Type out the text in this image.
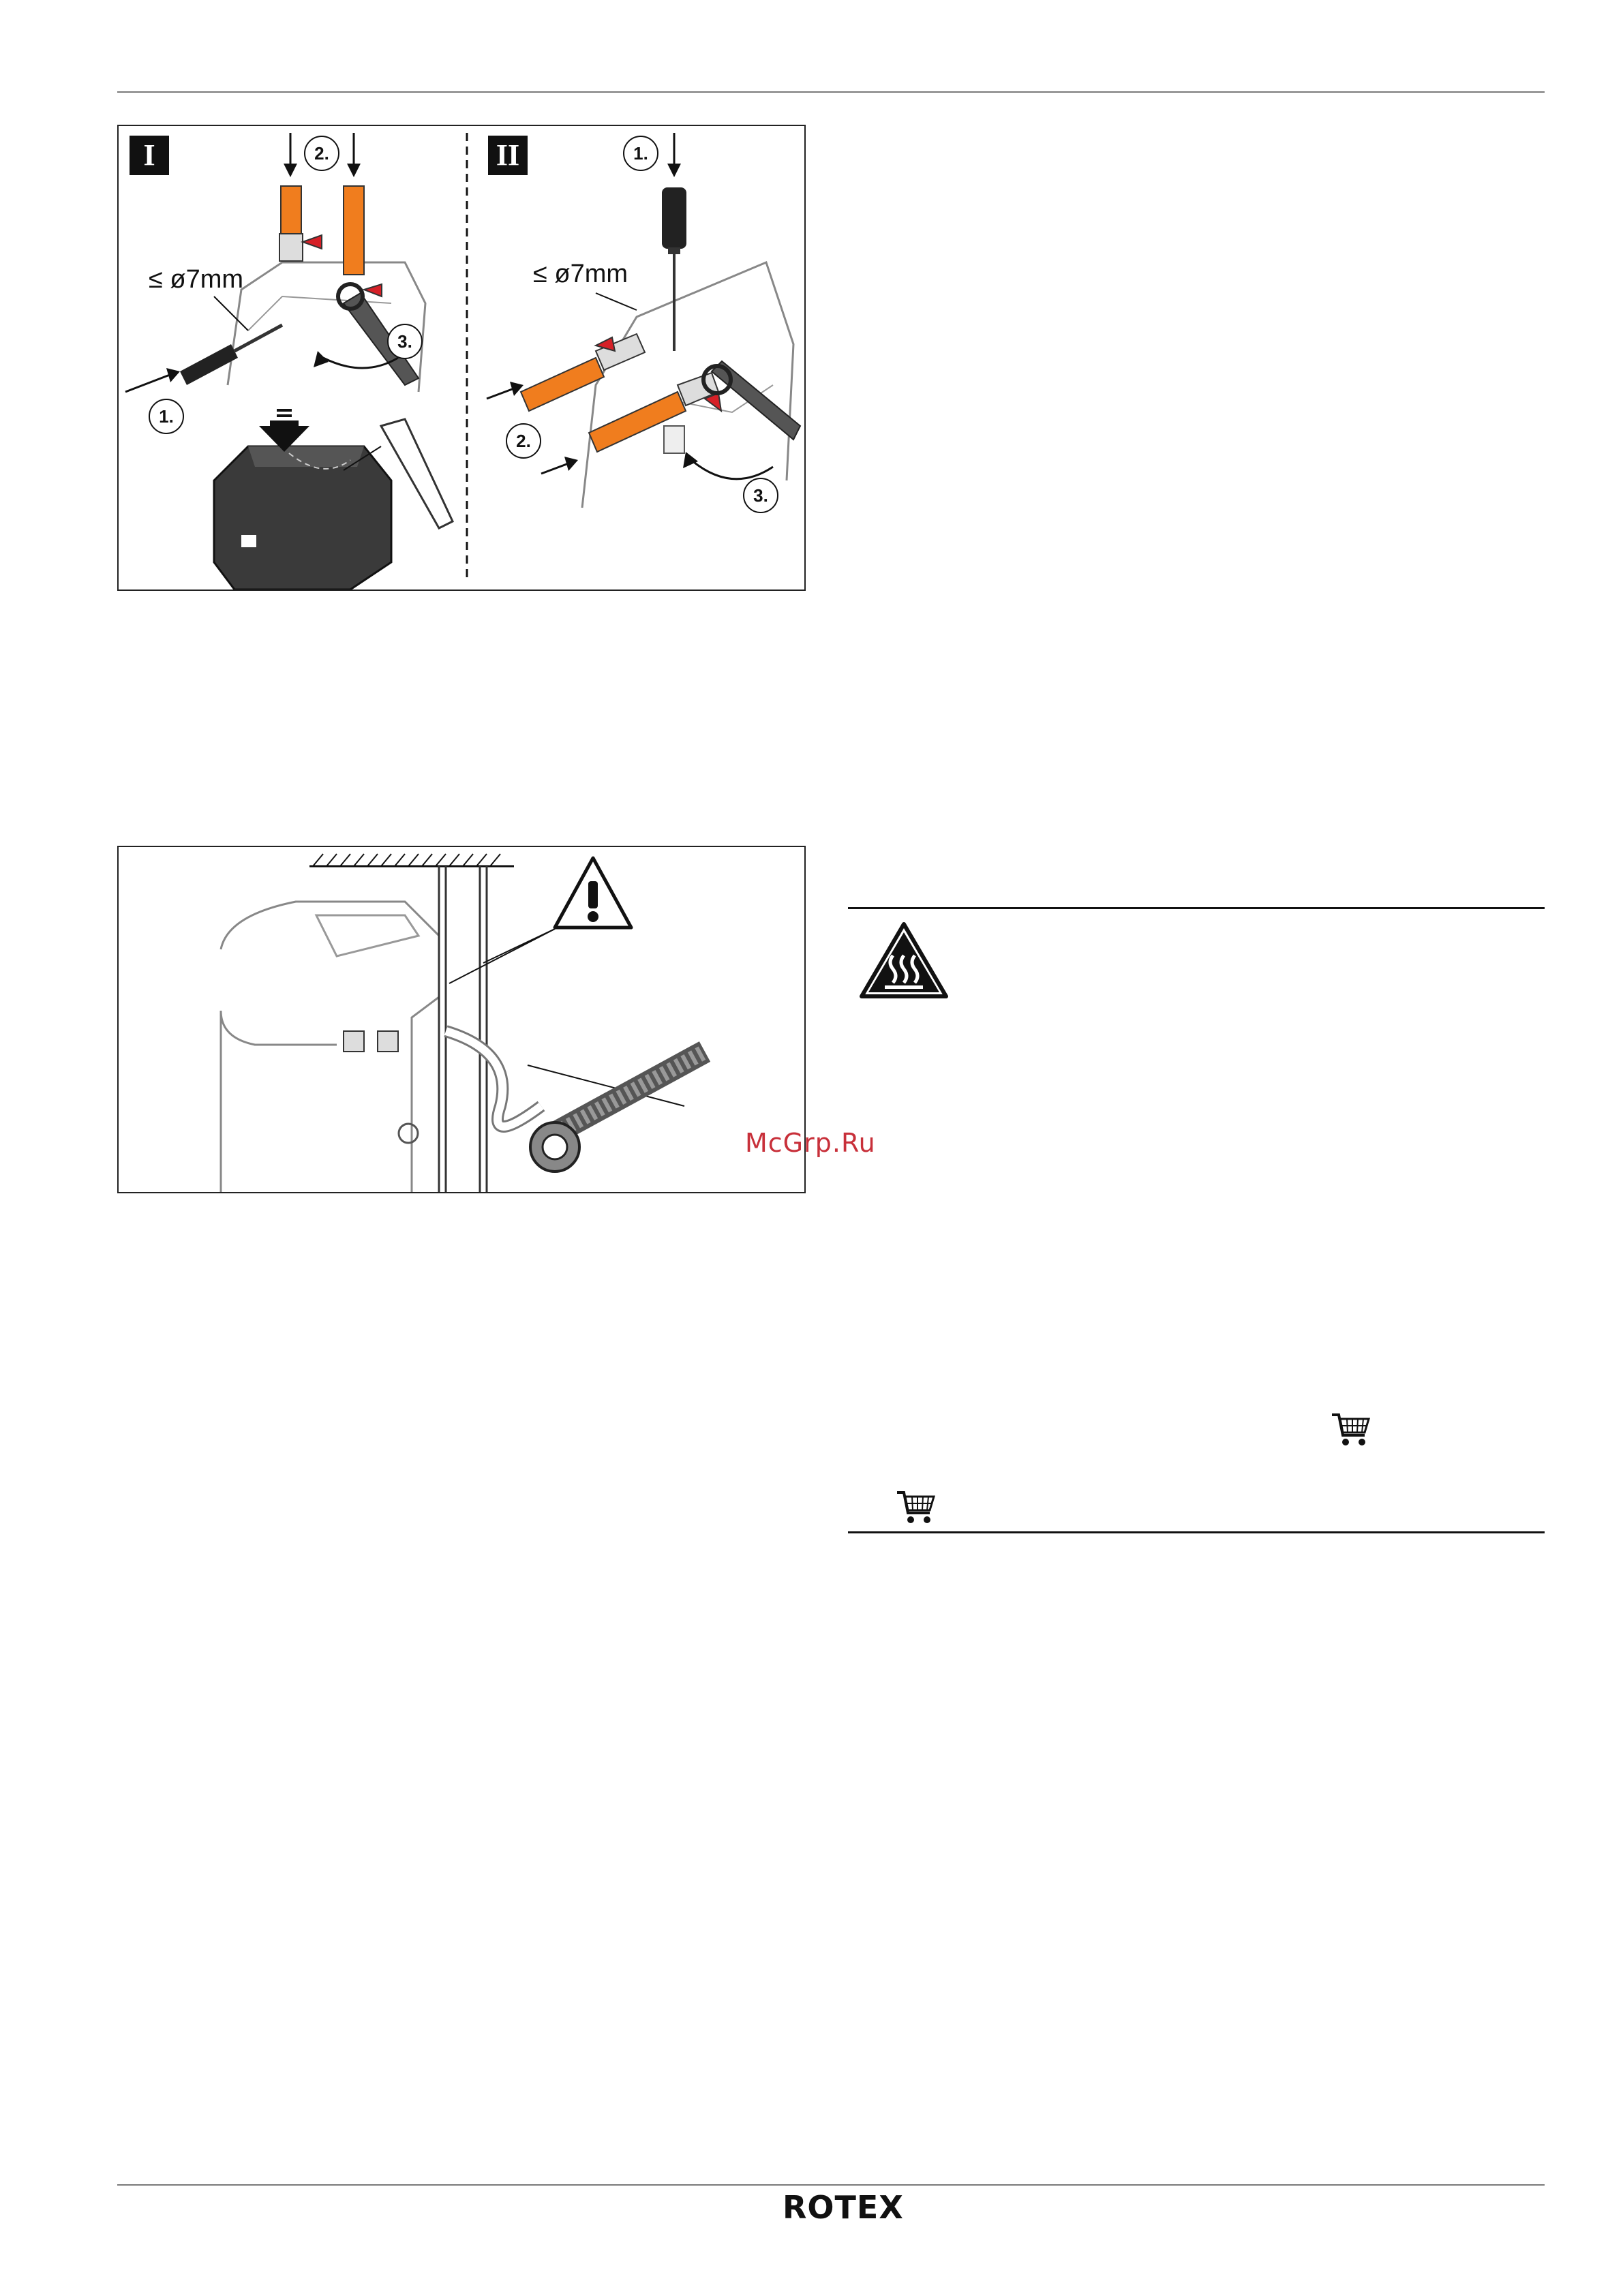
I	II
≤ ø7mm	≤ ø7mm
1.
2.
3.
1.
2.
3.
McGrp.Ru
ROTEX
